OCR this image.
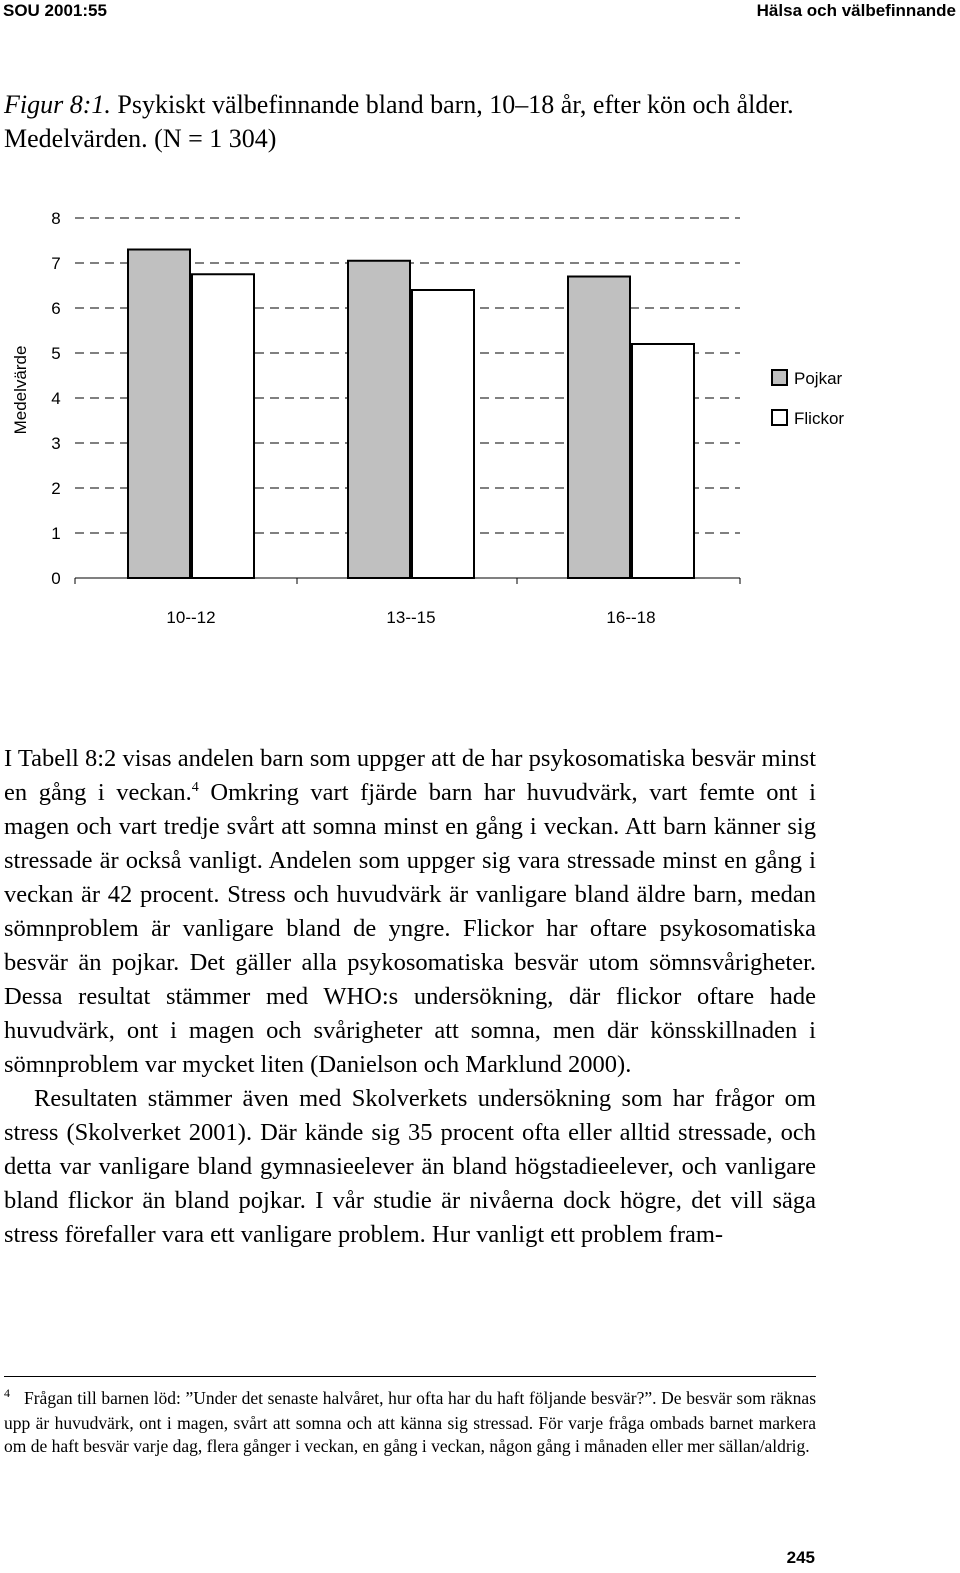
SOU 2001:55	Hälsa och välbefinnande
Figur 8:1. Psykiskt välbefinnande bland barn, 10–18 år, efter kön och ålder. Medelvärden. (N = 1 304)
0
1
2
3
4
5
6
7
8
10--12	13--15	16--18
Medelvärde	Pojkar
Flickor

I Tabell 8:2 visas andelen barn som uppger att de har psykosomatiska besvär minst en gång i veckan.$^4$ Omkring vart fjärde barn har huvudvärk, vart femte ont i magen och vart tredje svårt att somna minst en gång i veckan. Att barn känner sig stressade är också vanligt. Andelen som uppger sig vara stressade minst en gång i veckan är 42 procent. Stress och huvudvärk är vanligare bland äldre barn, medan sömnproblem är vanligare bland de yngre. Flickor har oftare psykosomatiska besvär än pojkar. Det gäller alla psykosomatiska besvär utom sömnsvårigheter. Dessa resultat stämmer med WHO:s undersökning, där flickor oftare hade huvudvärk, ont i magen och svårigheter att somna, men där könsskillnaden i sömnproblem var mycket liten (Danielson och Marklund 2000).

Resultaten stämmer även med Skolverkets undersökning som har frågor om stress (Skolverket 2001). Där kände sig 35 procent ofta eller alltid stressade, och detta var vanligare bland gymnasieelever än bland högstadieelever, och vanligare bland flickor än bland pojkar. I vår studie är nivåerna dock högre, det vill säga stress förefaller vara ett vanligare problem. Hur vanligt ett problem fram-

$^4$ Frågan till barnen löd: ”Under det senaste halvåret, hur ofta har du haft följande besvär?”. De besvär som räknas upp är huvudvärk, ont i magen, svårt att somna och att känna sig stressad. För varje fråga ombads barnet markera om de haft besvär varje dag, flera gånger i veckan, en gång i veckan, någon gång i månaden eller mer sällan/aldrig.
245
